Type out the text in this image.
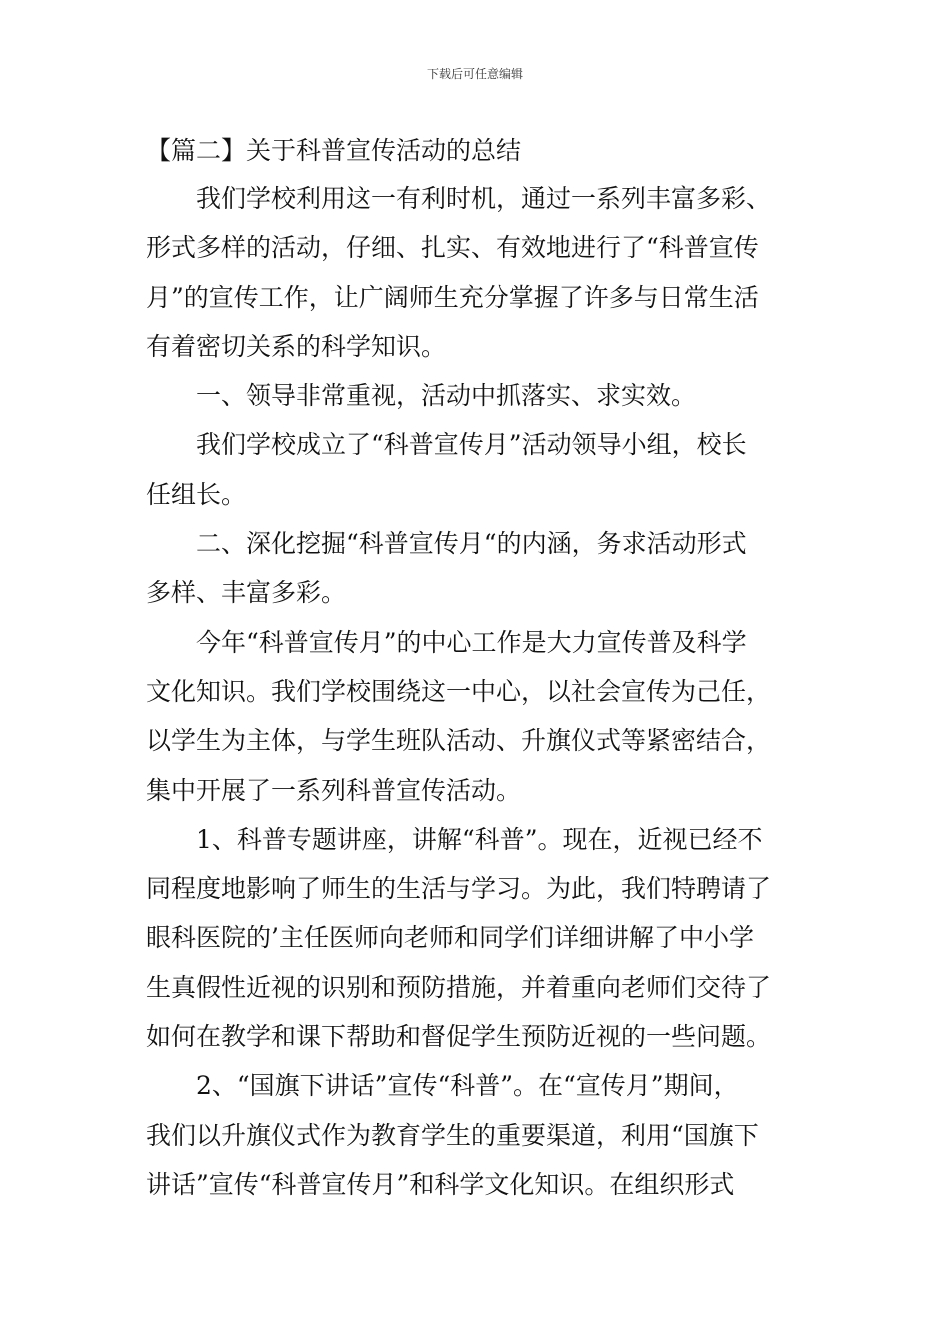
下载后可任意编辑
【篇二】关于科普宣传活动的总结

我们学校利用这一有利时机，通过一系列丰富多彩、

形式多样的活动，仔细、扎实、有效地进行了“科普宣传

月”的宣传工作，让广阔师生充分掌握了许多与日常生活

有着密切关系的科学知识。

一、领导非常重视，活动中抓落实、求实效。

我们学校成立了“科普宣传月”活动领导小组，校长

任组长。

二、深化挖掘“科普宣传月“的内涵，务求活动形式

多样、丰富多彩。

今年“科普宣传月”的中心工作是大力宣传普及科学

文化知识。我们学校围绕这一中心，以社会宣传为己任，

以学生为主体，与学生班队活动、升旗仪式等紧密结合，

集中开展了一系列科普宣传活动。

1、科普专题讲座，讲解“科普”。现在，近视已经不

同程度地影响了师生的生活与学习。为此，我们特聘请了

眼科医院的’主任医师向老师和同学们详细讲解了中小学

生真假性近视的识别和预防措施，并着重向老师们交待了

如何在教学和课下帮助和督促学生预防近视的一些问题。

2、“国旗下讲话”宣传“科普”。在“宣传月”期间，

我们以升旗仪式作为教育学生的重要渠道，利用“国旗下

讲话”宣传“科普宣传月”和科学文化知识。在组织形式
